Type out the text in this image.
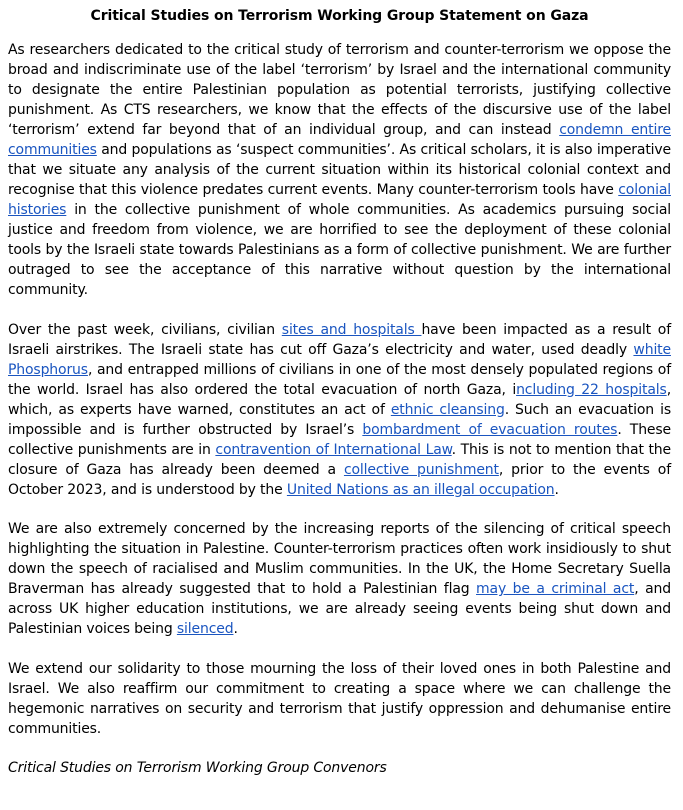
Critical Studies on Terrorism Working Group Statement on Gaza

As researchers dedicated to the critical study of terrorism and counter-terrorism we oppose the broad and indiscriminate use of the label ‘terrorism’ by Israel and the international community to designate the entire Palestinian population as potential terrorists, justifying collective punishment. As CTS researchers, we know that the effects of the discursive use of the label ‘terrorism’ extend far beyond that of an individual group, and can instead condemn entire communities and populations as ‘suspect communities’. As critical scholars, it is also imperative that we situate any analysis of the current situation within its historical colonial context and recognise that this violence predates current events. Many counter-terrorism tools have colonial histories in the collective punishment of whole communities. As academics pursuing social justice and freedom from violence, we are horrified to see the deployment of these colonial tools by the Israeli state towards Palestinians as a form of collective punishment. We are further outraged to see the acceptance of this narrative without question by the international community.

Over the past week, civilians, civilian sites and hospitals have been impacted as a result of Israeli airstrikes. The Israeli state has cut off Gaza’s electricity and water, used deadly white Phosphorus, and entrapped millions of civilians in one of the most densely populated regions of the world. Israel has also ordered the total evacuation of north Gaza, including 22 hospitals, which, as experts have warned, constitutes an act of ethnic cleansing. Such an evacuation is impossible and is further obstructed by Israel’s bombardment of evacuation routes. These collective punishments are in contravention of International Law. This is not to mention that the closure of Gaza has already been deemed a collective punishment, prior to the events of October 2023, and is understood by the United Nations as an illegal occupation.

We are also extremely concerned by the increasing reports of the silencing of critical speech highlighting the situation in Palestine. Counter-terrorism practices often work insidiously to shut down the speech of racialised and Muslim communities. In the UK, the Home Secretary Suella Braverman has already suggested that to hold a Palestinian flag may be a criminal act, and across UK higher education institutions, we are already seeing events being shut down and Palestinian voices being silenced.

We extend our solidarity to those mourning the loss of their loved ones in both Palestine and Israel. We also reaffirm our commitment to creating a space where we can challenge the hegemonic narratives on security and terrorism that justify oppression and dehumanise entire communities.

Critical Studies on Terrorism Working Group Convenors
